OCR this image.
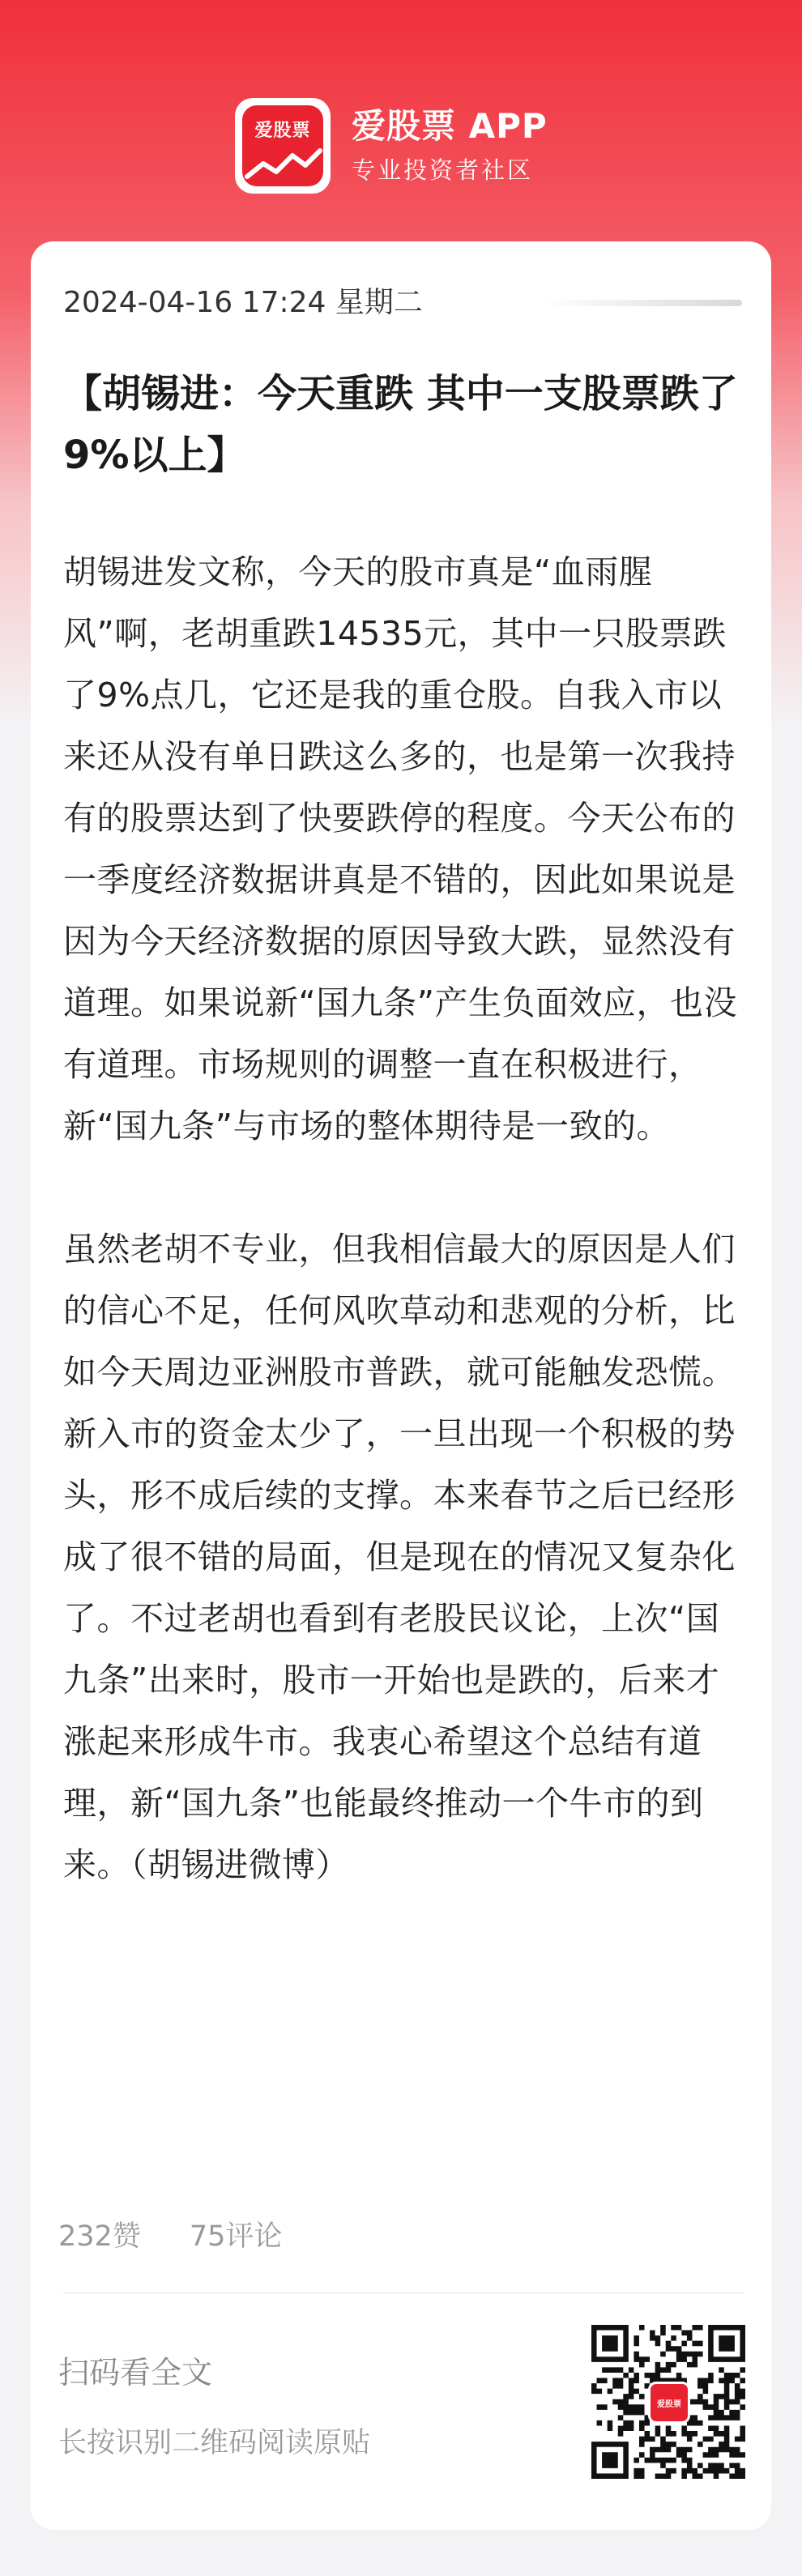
爱股票	爱股票 APP
专业投资者社区
2024-04-16 17:24 星期二
【胡锡进：今天重跌 其中一支股票跌了9%以上】

胡锡进发文称，今天的股市真是“血雨腥风”啊，老胡重跌14535元，其中一只股票跌了9%点几，它还是我的重仓股。自我入市以来还从没有单日跌这么多的，也是第一次我持有的股票达到了快要跌停的程度。今天公布的一季度经济数据讲真是不错的，因此如果说是因为今天经济数据的原因导致大跌，显然没有道理。如果说新“国九条”产生负面效应，也没有道理。市场规则的调整一直在积极进行，新“国九条”与市场的整体期待是一致的。

虽然老胡不专业，但我相信最大的原因是人们的信心不足，任何风吹草动和悲观的分析，比如今天周边亚洲股市普跌，就可能触发恐慌。新入市的资金太少了，一旦出现一个积极的势头，形不成后续的支撑。本来春节之后已经形成了很不错的局面，但是现在的情况又复杂化了。不过老胡也看到有老股民议论，上次“国九条”出来时，股市一开始也是跌的，后来才涨起来形成牛市。我衷心希望这个总结有道理，新“国九条”也能最终推动一个牛市的到来。（胡锡进微博）

232赞 75评论
扫码看全文
长按识别二维码阅读原贴
爱股票
